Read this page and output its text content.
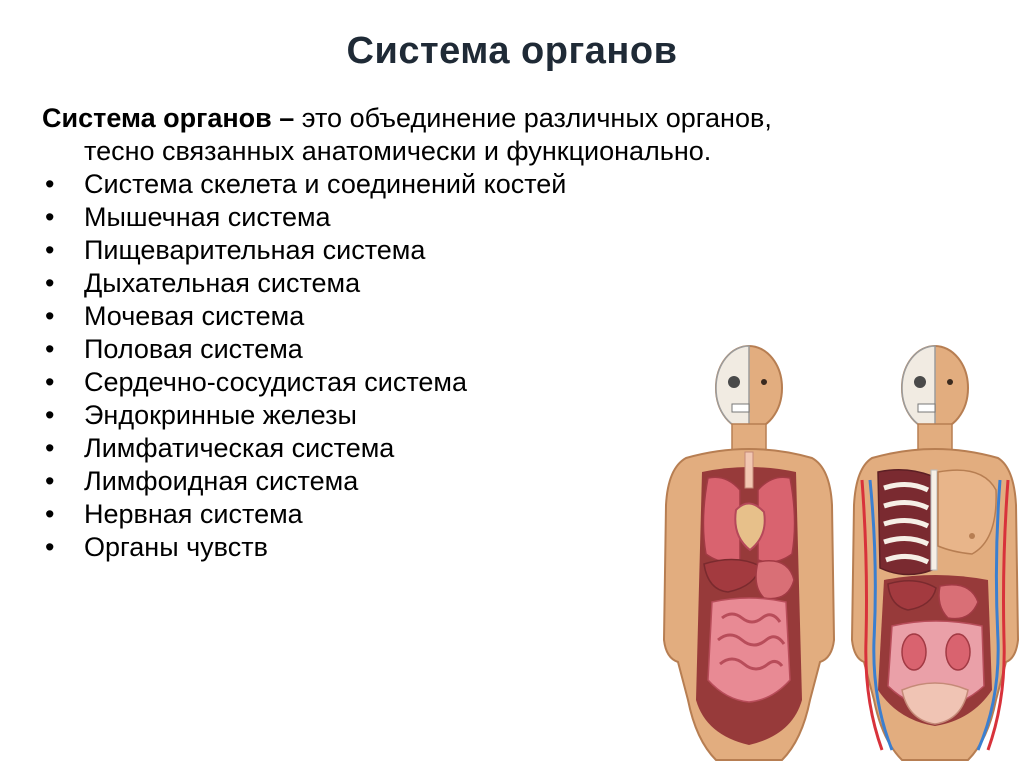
Система органов
Система органов – это объединение различных органов,
тесно связанных анатомически и функционально.
• Система скелета и соединений костей
• Мышечная система
• Пищеварительная система
• Дыхательная система
• Мочевая система
• Половая система
• Сердечно-сосудистая система
• Эндокринные железы
• Лимфатическая система
• Лимфоидная система
• Нервная система
• Органы чувств
